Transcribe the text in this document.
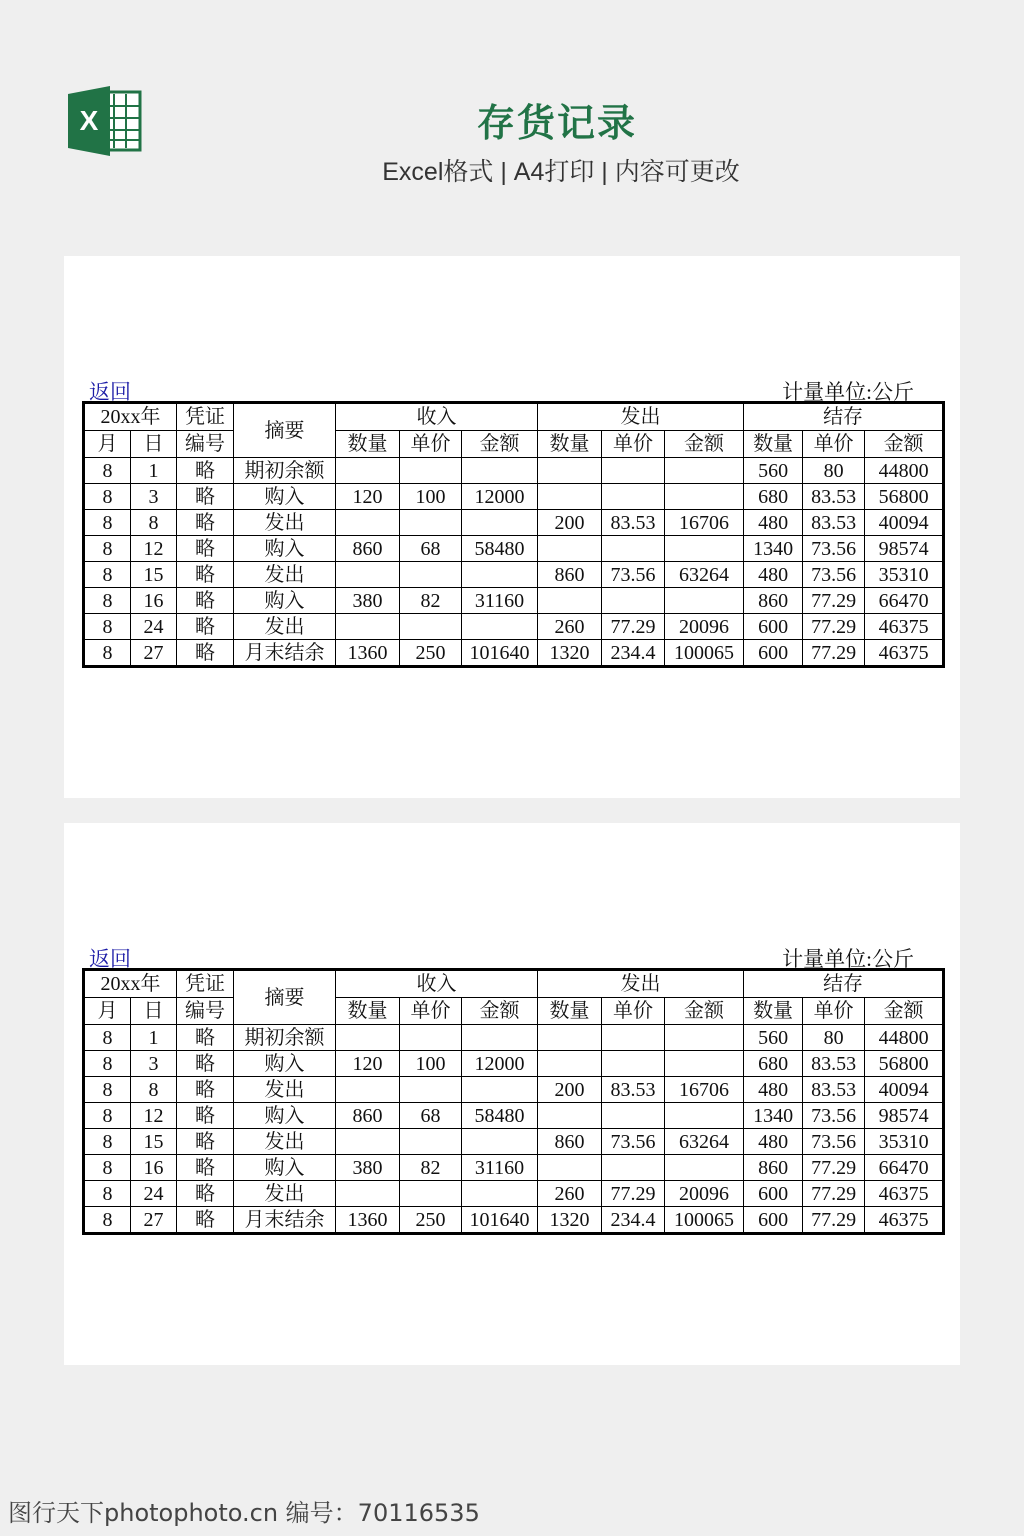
X	存货记录
Excel格式 | A4打印 | 内容可更改
返回	计量单位:公斤
20xx年		凭证	摘要	收入			发出			结存		
月	日	编号		数量	单价	金额	数量	单价	金额	数量	单价	金额
8	1	略	期初余额							560	80	44800
8	3	略	购入	120	100	12000				680	83.53	56800
8	8	略	发出				200	83.53	16706	480	83.53	40094
8	12	略	购入	860	68	58480				1340	73.56	98574
8	15	略	发出				860	73.56	63264	480	73.56	35310
8	16	略	购入	380	82	31160				860	77.29	66470
8	24	略	发出				260	77.29	20096	600	77.29	46375
8	27	略	月末结余	1360	250	101640	1320	234.4	100065	600	77.29	46375
返回	计量单位:公斤
20xx年		凭证	摘要	收入			发出			结存		
月	日	编号		数量	单价	金额	数量	单价	金额	数量	单价	金额
8	1	略	期初余额							560	80	44800
8	3	略	购入	120	100	12000				680	83.53	56800
8	8	略	发出				200	83.53	16706	480	83.53	40094
8	12	略	购入	860	68	58480				1340	73.56	98574
8	15	略	发出				860	73.56	63264	480	73.56	35310
8	16	略	购入	380	82	31160				860	77.29	66470
8	24	略	发出				260	77.29	20096	600	77.29	46375
8	27	略	月末结余	1360	250	101640	1320	234.4	100065	600	77.29	46375
图行天下photophoto.cn 编号：70116535
